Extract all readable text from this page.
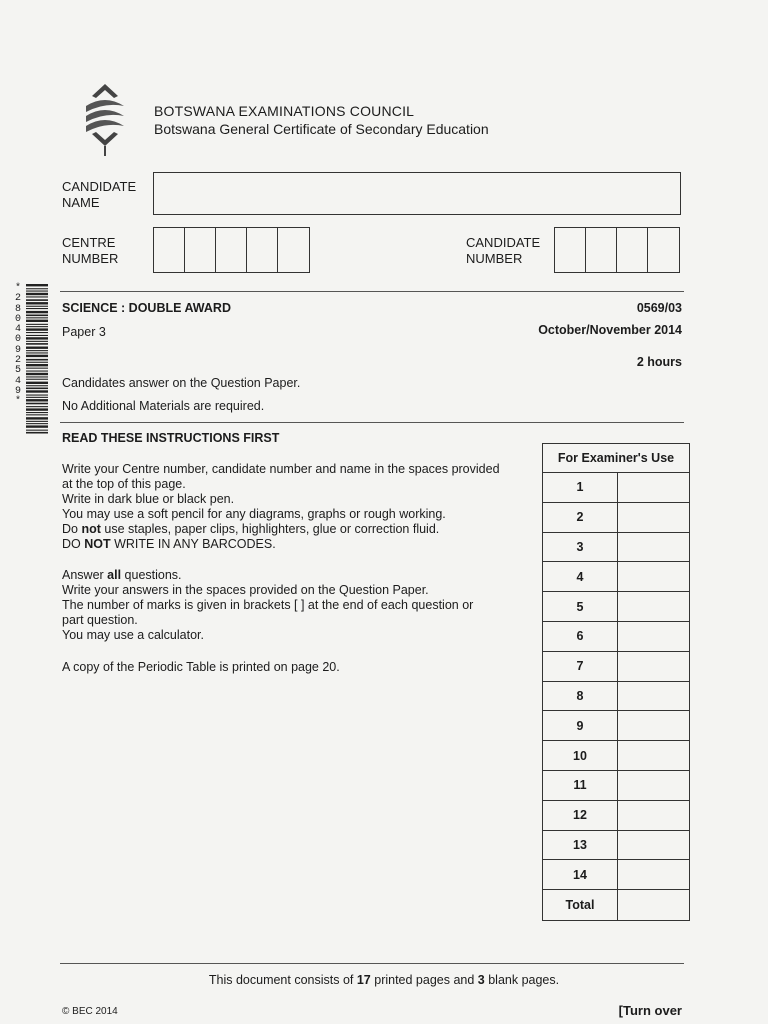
BOTSWANA EXAMINATIONS COUNCIL
Botswana General Certificate of Secondary Education
CANDIDATE
NAME
CENTRE
NUMBER
CANDIDATE
NUMBER
*
2
8
0
4
0
9
2
5
4
9
*
SCIENCE : DOUBLE AWARD	0569/03
Paper 3	October/November 2014
2 hours
Candidates answer on the Question Paper.
No Additional Materials are required.
READ THESE INSTRUCTIONS FIRST

Write your Centre number, candidate number and name in the spaces provided

at the top of this page.

Write in dark blue or black pen.

You may use a soft pencil for any diagrams, graphs or rough working.

Do not use staples, paper clips, highlighters, glue or correction fluid.

DO NOT WRITE IN ANY BARCODES.

Answer all questions.

Write your answers in the spaces provided on the Question Paper.

The number of marks is given in brackets [ ] at the end of each question or

part question.

You may use a calculator.

A copy of the Periodic Table is printed on page 20.
For Examiner's Use
1
2
3
4
5
6
7
8
9
10
11
12
13
14
Total
This document consists of 17 printed pages and 3 blank pages.
© BEC 2014	[Turn over
